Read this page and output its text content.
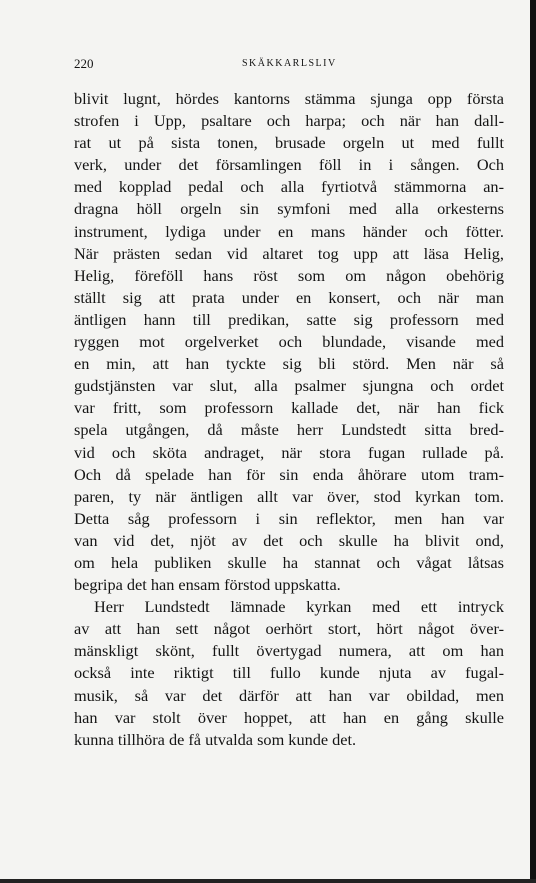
220	SKÄKKARLSLIV
blivit lugnt, hördes kantorns stämma sjunga opp första
strofen i Upp, psaltare och harpa; och när han dall-
rat ut på sista tonen, brusade orgeln ut med fullt
verk, under det församlingen föll in i sången. Och
med kopplad pedal och alla fyrtiotvå stämmorna an-
dragna höll orgeln sin symfoni med alla orkesterns
instrument, lydiga under en mans händer och fötter.
När prästen sedan vid altaret tog upp att läsa Helig,
Helig, föreföll hans röst som om någon obehörig
ställt sig att prata under en konsert, och när man
äntligen hann till predikan, satte sig professorn med
ryggen mot orgelverket och blundade, visande med
en min, att han tyckte sig bli störd. Men när så
gudstjänsten var slut, alla psalmer sjungna och ordet
var fritt, som professorn kallade det, när han fick
spela utgången, då måste herr Lundstedt sitta bred-
vid och sköta andraget, när stora fugan rullade på.
Och då spelade han för sin enda åhörare utom tram-
paren, ty när äntligen allt var över, stod kyrkan tom.
Detta såg professorn i sin reflektor, men han var
van vid det, njöt av det och skulle ha blivit ond,
om hela publiken skulle ha stannat och vågat låtsas
begripa det han ensam förstod uppskatta.
Herr Lundstedt lämnade kyrkan med ett intryck
av att han sett något oerhört stort, hört något över-
mänskligt skönt, fullt övertygad numera, att om han
också inte riktigt till fullo kunde njuta av fugal-
musik, så var det därför att han var obildad, men
han var stolt över hoppet, att han en gång skulle
kunna tillhöra de få utvalda som kunde det.
